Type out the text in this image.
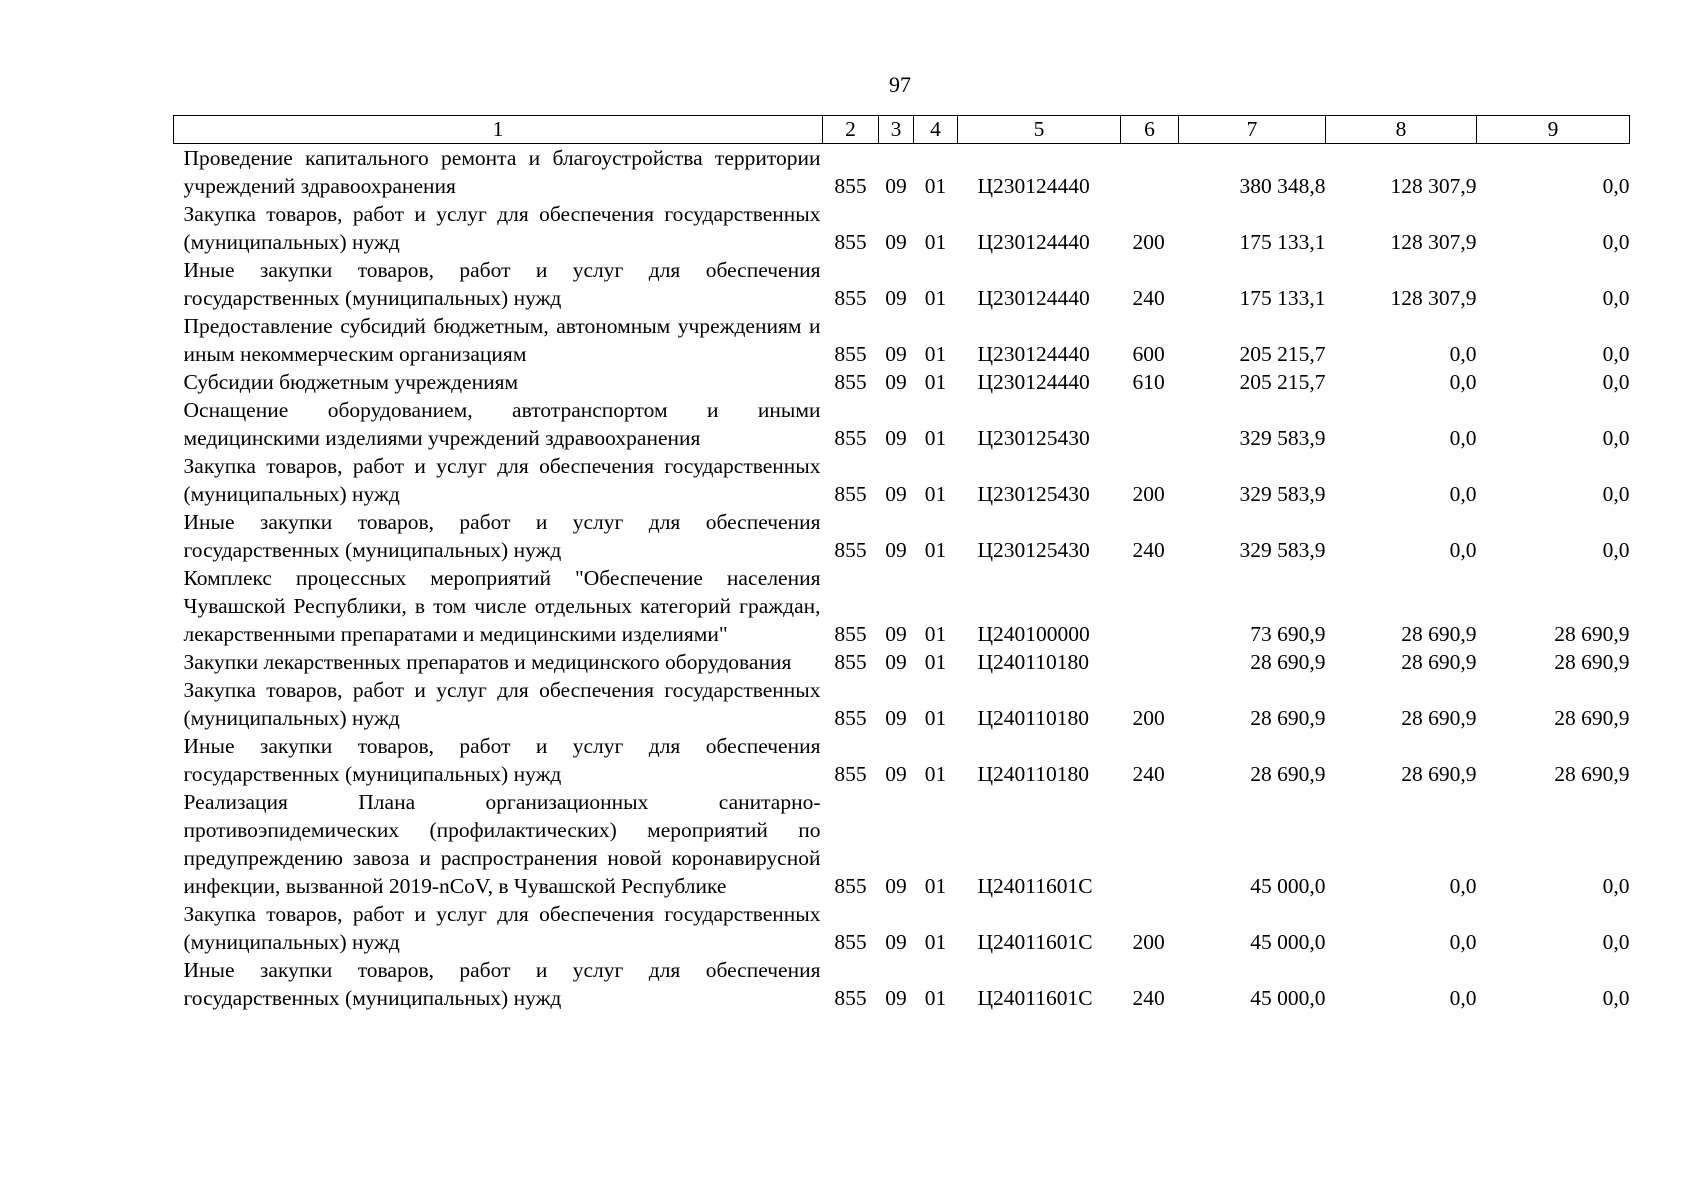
97
1	2	3	4	5	6	7	8	9
Проведение капитального ремонта и благоустройства территории учреждений здравоохранения	855	09	01	Ц230124440		380 348,8	128 307,9	0,0
Закупка товаров, работ и услуг для обеспечения государственных (муниципальных) нужд	855	09	01	Ц230124440	200	175 133,1	128 307,9	0,0
Иные закупки товаров, работ и услуг для обеспечения государственных (муниципальных) нужд	855	09	01	Ц230124440	240	175 133,1	128 307,9	0,0
Предоставление субсидий бюджетным, автономным учреждениям и иным некоммерческим организациям	855	09	01	Ц230124440	600	205 215,7	0,0	0,0
Субсидии бюджетным учреждениям	855	09	01	Ц230124440	610	205 215,7	0,0	0,0
Оснащение оборудованием, автотранспортом и иными медицинскими изделиями учреждений здравоохранения	855	09	01	Ц230125430		329 583,9	0,0	0,0
Закупка товаров, работ и услуг для обеспечения государственных (муниципальных) нужд	855	09	01	Ц230125430	200	329 583,9	0,0	0,0
Иные закупки товаров, работ и услуг для обеспечения государственных (муниципальных) нужд	855	09	01	Ц230125430	240	329 583,9	0,0	0,0
Комплекс процессных мероприятий "Обеспечение населения Чувашской Республики, в том числе отдельных категорий граждан, лекарственными препаратами и медицинскими изделиями"	855	09	01	Ц240100000		73 690,9	28 690,9	28 690,9
Закупки лекарственных препаратов и медицинского оборудования	855	09	01	Ц240110180		28 690,9	28 690,9	28 690,9
Закупка товаров, работ и услуг для обеспечения государственных (муниципальных) нужд	855	09	01	Ц240110180	200	28 690,9	28 690,9	28 690,9
Иные закупки товаров, работ и услуг для обеспечения государственных (муниципальных) нужд	855	09	01	Ц240110180	240	28 690,9	28 690,9	28 690,9
Реализация Плана организационных санитарно-противоэпидемических (профилактических) мероприятий по предупреждению завоза и распространения новой коронавирусной инфекции, вызванной 2019-nCoV, в Чувашской Республике	855	09	01	Ц24011601С		45 000,0	0,0	0,0
Закупка товаров, работ и услуг для обеспечения государственных (муниципальных) нужд	855	09	01	Ц24011601С	200	45 000,0	0,0	0,0
Иные закупки товаров, работ и услуг для обеспечения государственных (муниципальных) нужд	855	09	01	Ц24011601С	240	45 000,0	0,0	0,0
